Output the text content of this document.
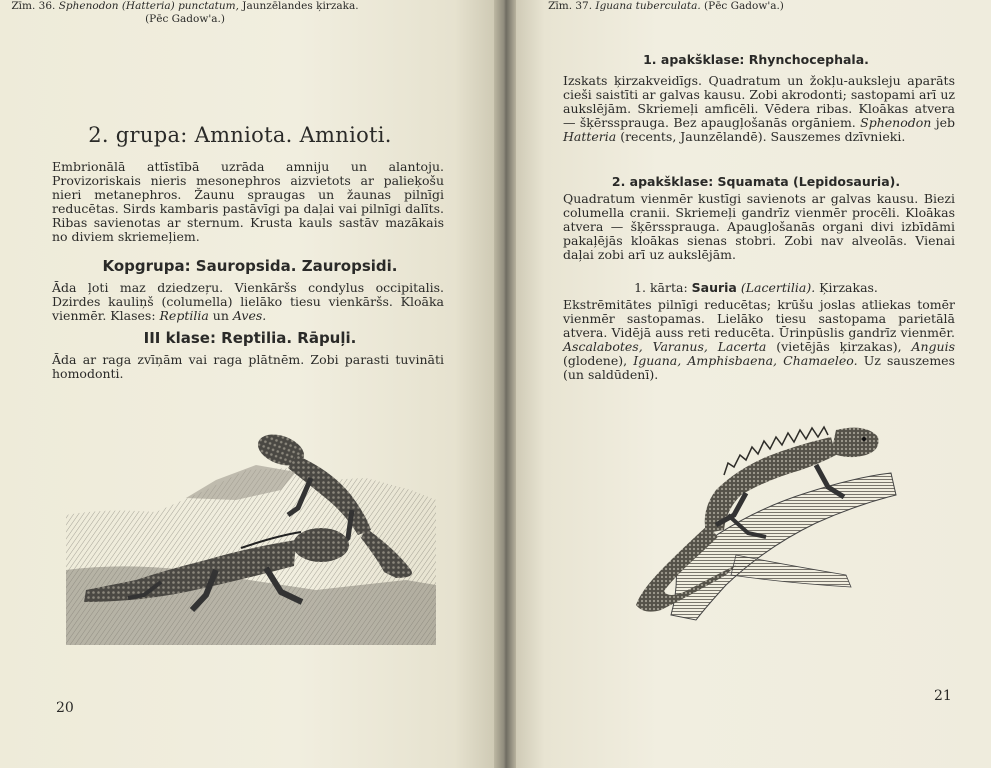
2. grupa: Amniota. Amnioti.
Embrionālā attīstībā uzrāda amniju un alantoju. Provizoriskais nieris mesonephros aizvietots ar palieķošu nieri metanephros. Žaunu spraugas un žaunas pilnīgi reducētas. Sirds kambaris pastāvīgi pa daļai vai pilnīgi dalīts. Ribas savienotas ar sternum. Krusta kauls sastāv mazākais no diviem skriemeļiem.
Kopgrupa: Sauropsida. Zauropsidi.
Āda ļoti maz dziedzeŗu. Vienkāršs condylus occipitalis. Dzirdes kauliņš (columella) lielāko tiesu vienkāršs. Kloāka vienmēr. Klases: Reptilia un Aves.
III klase: Reptilia. Rāpuļi.
Āda ar raga zvīņām vai raga plātnēm. Zobi parasti tuvināti homodonti.
Zīm. 36. Sphenodon (Hatteria) punctatum, Jaunzēlandes ķirzaka.
(Pēc Gadow'a.)
20
1. apakšklase: Rhynchocephala.
Izskats ķirzakveidīgs. Quadratum un žokļu-auksleju aparāts cieši saistīti ar galvas kausu. Zobi akrodonti; sastopami arī uz aukslējām. Skriemeļi amficēli. Vēdera ribas. Kloākas atvera — šķērssprauga. Bez apaugļošanās orgāniem. Sphenodon jeb Hatteria (recents, Jaunzēlandē). Sauszemes dzīvnieki.
2. apakšklase: Squamata (Lepidosauria).
Quadratum vienmēr kustīgi savienots ar galvas kausu. Biezi columella cranii. Skriemeļi gandrīz vienmēr procēli. Kloākas atvera — šķērssprauga. Apaugļošanās organi divi izbīdāmi pakaļējās kloākas sienas stobri. Zobi nav alveolās. Vienai daļai zobi arī uz aukslējām.
1. kārta: Sauria (Lacertilia). Ķirzakas.
Ekstrēmitātes pilnīgi reducētas; krūšu joslas atliekas tomēr vienmēr sastopamas. Lielāko tiesu sastopama parietālā atvera. Vidējā auss reti reducēta. Ūrinpūslis gandrīz vienmēr. Ascalabotes, Varanus, Lacerta (vietējās ķirzakas), Anguis (glodene), Iguana, Amphisbaena, Chamaeleo. Uz sauszemes (un saldūdenī).
Zīm. 37. Iguana tuberculata. (Pēc Gadow'a.)
21
